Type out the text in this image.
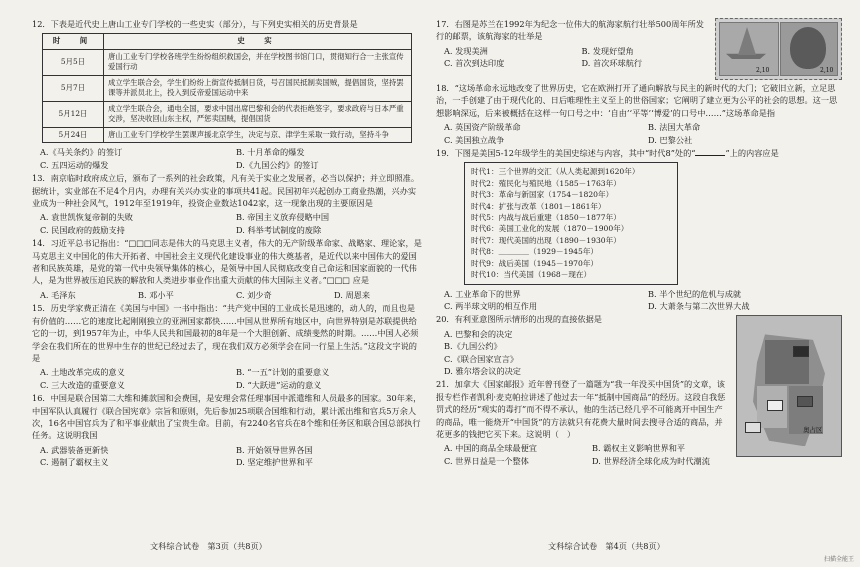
12．下表是近代史上唐山工业专门学校的一些史实（部分），与下列史实相关的历史背景是

时　间	史　实
5月5日	唐山工业专门学校各班学生纷纷组织救国会，并在学校图书馆门口，贯彻知行合一主张宣传爱国行动
5月7日	成立学生联合会，学生们纷纷上街宣传抵制日货，号召国民抵制卖国贼，提倡国货，坚持罢课等并派员北上，投入到反帝爱国运动中来
5月12日	成立学生联合会，通电全国，要求中国出席巴黎和会的代表拒绝签字，要求政府与日本严重交涉，坚决收回山东主权，严惩卖国贼，提倡国货
5月24日	唐山工业专门学校学生罢课声援北京学生，决定与京、津学生采取一致行动，坚持斗争
A.《马关条约》的签订	B. 十月革命的爆发
C. 五四运动的爆发	D.《九国公约》的签订

13．南京临时政府成立后，颁布了一系列的社会政策，凡有关于实业之发展者，必当以保护；并立即照准。据统计，实业部在不足4个月内，办理有关兴办实业的事项共41起。民国初年兴起创办工商业热潮，兴办实业成为一种社会风气，1912年至1919年，投资企业数达1042家，这一现象出现的主要原因是

A. 袁世凯恢复帝制的失败	B. 帝国主义放弃侵略中国
C. 民国政府的鼓励支持	D. 科举考试制度的废除

14．习近平总书记指出：“□□□同志是伟大的马克思主义者，伟大的无产阶级革命家、战略家、理论家，是马克思主义中国化的伟大开拓者、中国社会主义现代化建设事业的伟大奠基者，是近代以来中国伟大的爱国者和民族英雄，是党的第一代中央领导集体的核心，是领导中国人民彻底改变自己命运和国家面貌的一代伟人，是为世界被压迫民族的解放和人类进步事业作出重大贡献的伟大国际主义者。”□□□ 应是

A. 毛泽东	B. 邓小平	C. 刘少奇	D. 周恩来

15．历史学家费正清在《美国与中国》一书中指出：“共产党中国的工业成长是迅速的，动人的，而且也是有价值的……它的速度比起刚刚独立的亚洲国家都快……中国从世界所有地区中，向世界特别是苏联提供给它的一切，到1957年为止，中华人民共和国最初的8年是一个大胆创新、成绩斐然的时期。……中国人必须学会在我们所在的世界中生存的世纪已经过去了，现在我们双方必须学会在同一行星上生活。”这段文字说的是

A. 土地改革完成的意义	B. “一五”计划的重要意义
C. 三大改造的重要意义	D. “大跃进”运动的意义

16．中国是联合国第二大维和摊款国和会费国，是安理会常任理事国中派遣维和人员最多的国家。30年来，中国军队认真履行《联合国宪章》宗旨和原则，先后参加25项联合国维和行动，累计派出维和官兵5万余人次，16名中国官兵为了和平事业献出了宝贵生命。目前，有2240名官兵在8个维和任务区和联合国总部执行任务。这说明我国

A. 武器装备更新快	B. 开始领导世界各国
C. 遏制了霸权主义	D. 坚定维护世界和平
文科综合试卷　第3页（共8页）
2,10	2,10

17．右图是苏兰在1992年为纪念一位伟大的航海家航行壮举500周年所发行的邮票，该航海家的壮举是

A. 发现美洲	B. 发现好望角
C. 首次到达印度	D. 首次环球航行

18．“这场革命永远地改变了世界历史，它在欧洲打开了通向解放与民主的新时代的大门；它破旧立新，立足思治，一手创建了由于现代化的、日后唯理性主义至上的世俗国家；它阐明了建立更为公平的社会的思想。这一思想影响深远，后来被概括在这样一句口号之中：‘自由’‘平等’‘博爱’的口号中……”这场革命是指

A. 英国资产阶级革命	B. 法国大革命
C. 美国独立战争	D. 巴黎公社

19．下图是美国5-12年级学生的美国史综述与内容，其中“时代8”处的“	”上的内容应是

时代1：三个世界的交汇（从人类起源到1620年）
时代2：殖民化与殖民地（1585－1763年）
时代3：革命与新国家（1754－1820年）
时代4：扩张与改革（1801－1861年）
时代5：内战与战后重建（1850－1877年）
时代6：美国工业化的发展（1870－1900年）
时代7：现代美国的出现（1890－1930年）
时代8：＿＿＿＿（1929－1945年）
时代9：战后美国（1945－1970年）
时代10：当代美国（1968－现在）
A. 工业革命下的世界	B. 半个世纪的危机与成就
C. 两半球文明的相互作用	D. 大萧条与第二次世界大战
奥占区

20．有利亚意图所示情形的出现的直接依据是

A. 巴黎和会的决定
B.《九国公约》
C.《联合国家宣言》
D. 雅尔塔会议的决定

21．加拿大《国家邮报》近年曾刊登了一篇题为“我一年没买中国货”的文章，该报专栏作者凯利·麦克帕拉讲述了他过去一年“抵制中国商品”的经历。这段自我惩罚式的经历“观实的毒打”而不得不承认，他的生活已经几乎不可能离开中国生产的商品，唯一能烧开“中国货”的方法就只有花费大量时间去搜寻合适的商品，并花更多的钱把它买下来。这说明（　）

A. 中国的商品全球最便宜	B. 霸权主义影响世界和平
C. 世界日益是一个整体	D. 世界经济全球化成为时代潮流
文科综合试卷　第4页（共8页）
扫描全能王
